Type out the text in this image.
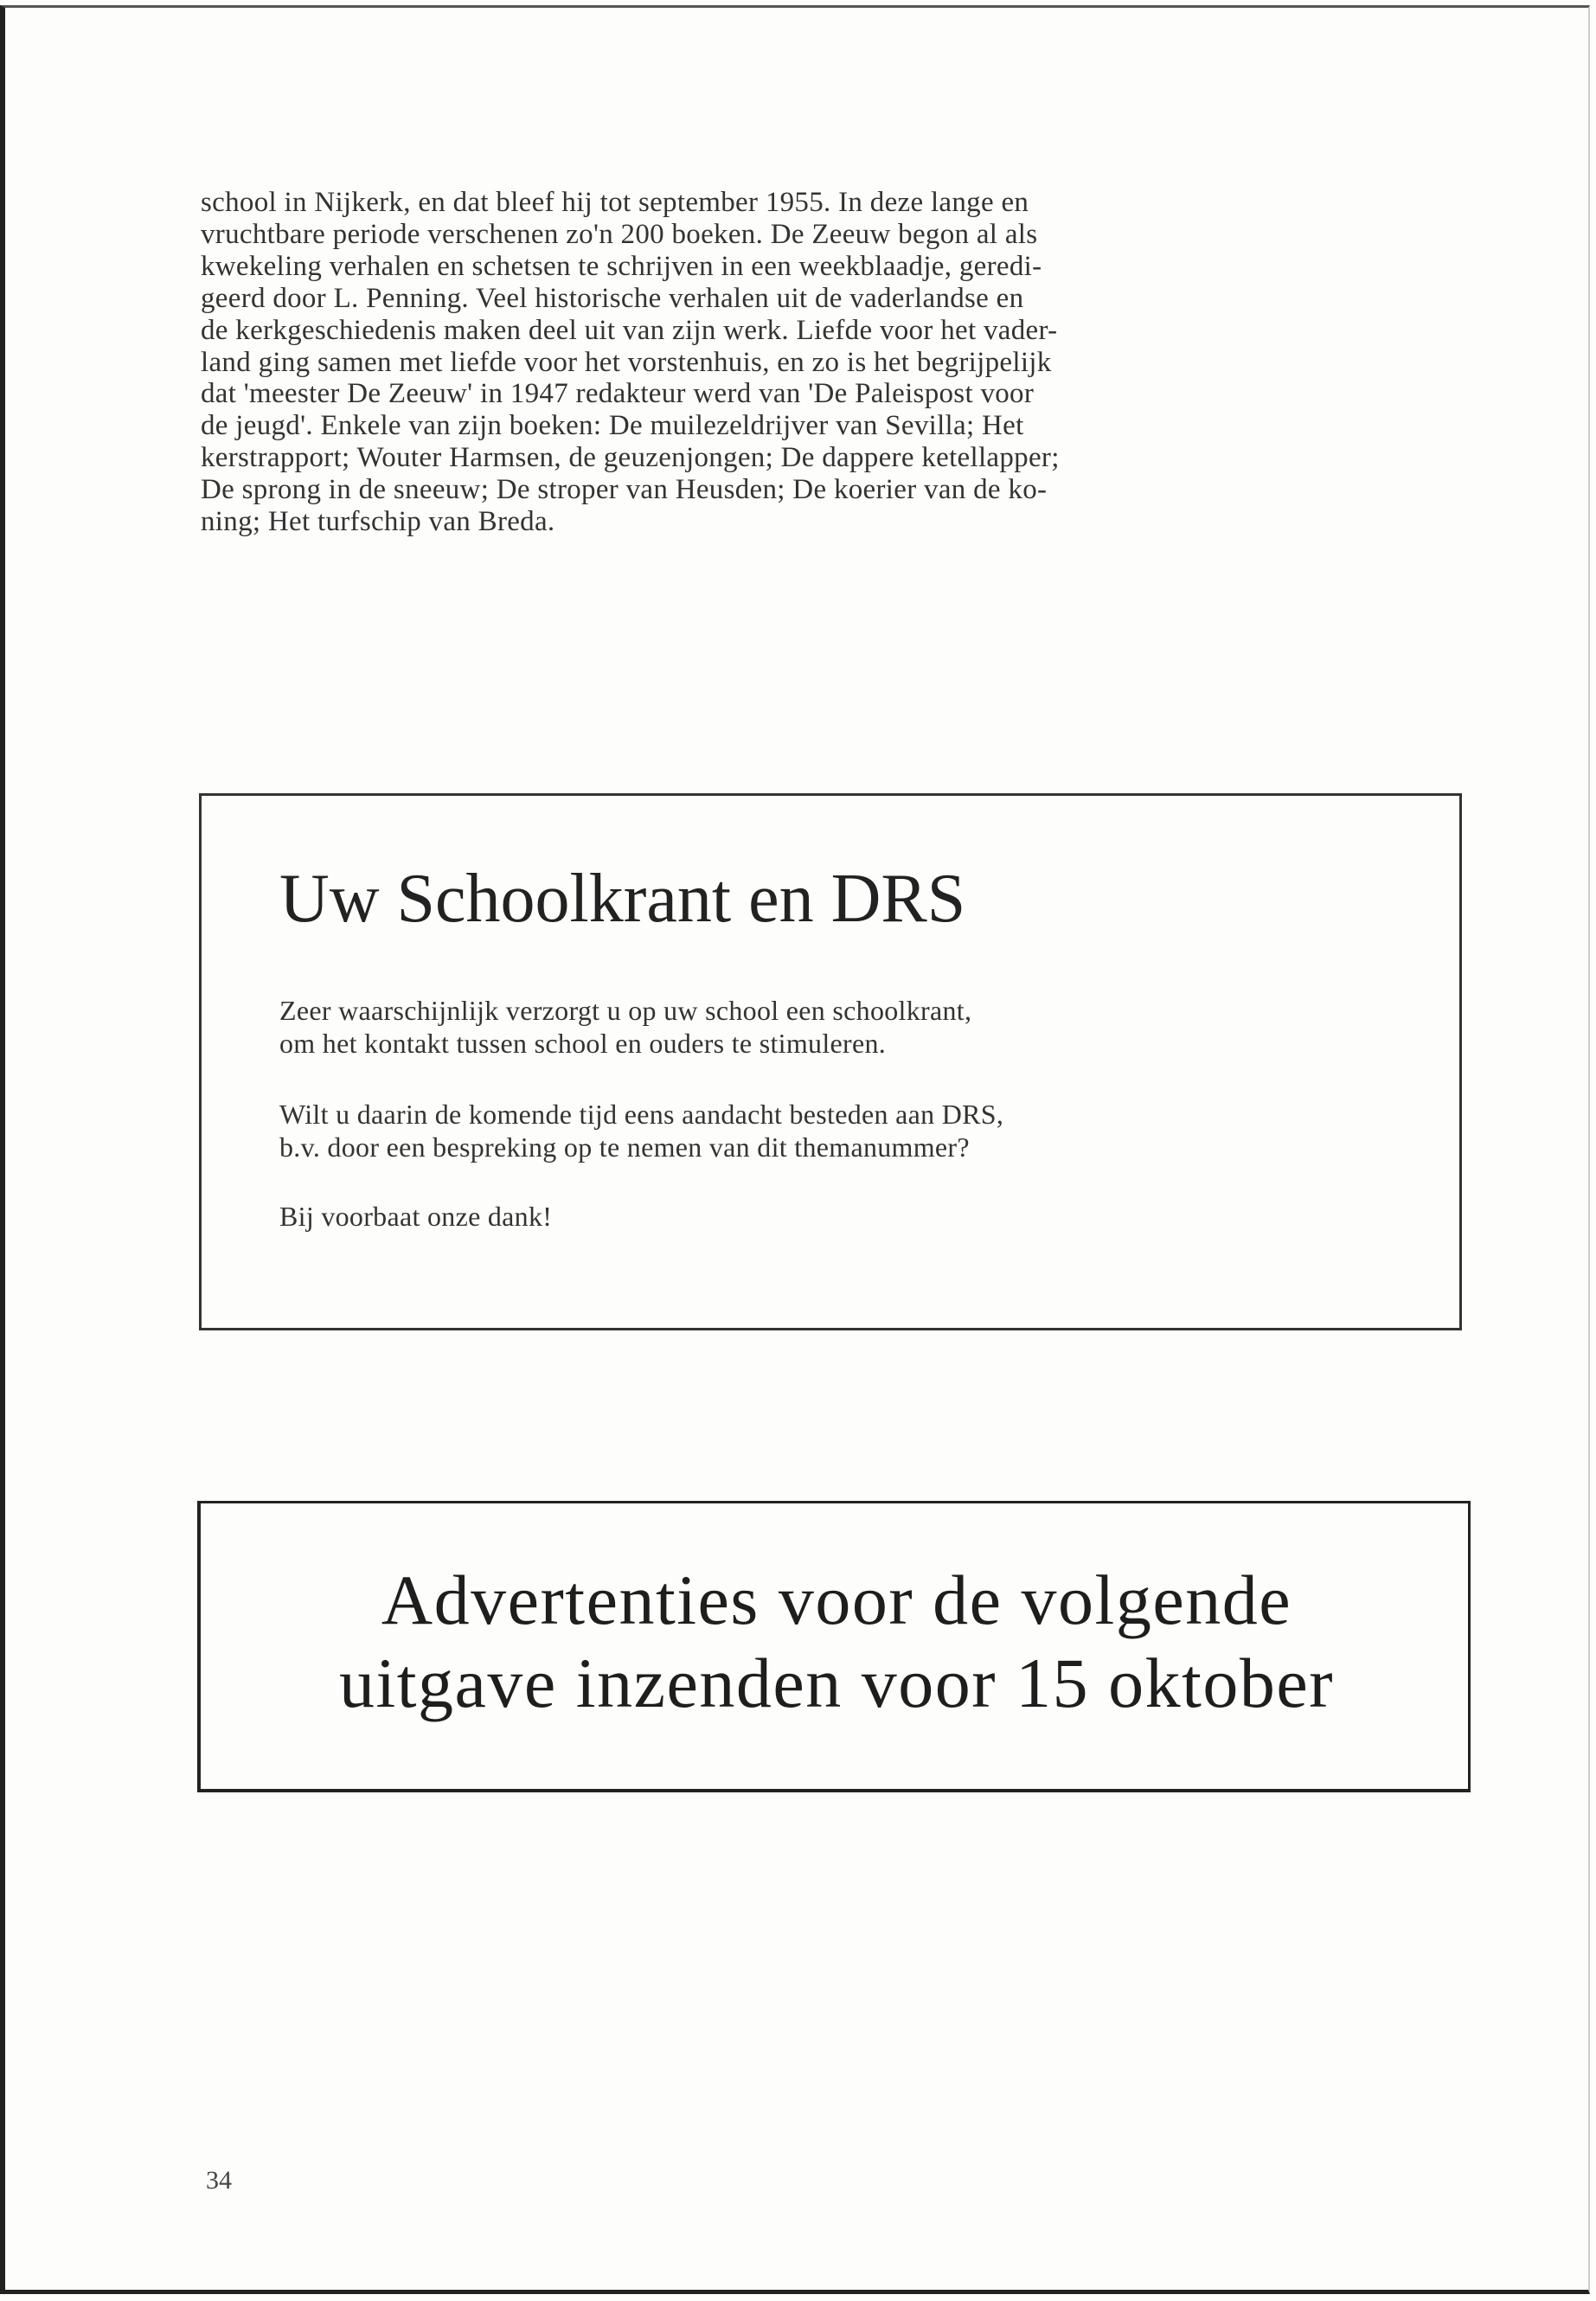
school in Nijkerk, en dat bleef hij tot september 1955. In deze lange en
vruchtbare periode verschenen zo'n 200 boeken. De Zeeuw begon al als
kwekeling verhalen en schetsen te schrijven in een weekblaadje, geredi-
geerd door L. Penning. Veel historische verhalen uit de vaderlandse en
de kerkgeschiedenis maken deel uit van zijn werk. Liefde voor het vader-
land ging samen met liefde voor het vorstenhuis, en zo is het begrijpelijk
dat 'meester De Zeeuw' in 1947 redakteur werd van 'De Paleispost voor
de jeugd'. Enkele van zijn boeken: De muilezeldrijver van Sevilla; Het
kerstrapport; Wouter Harmsen, de geuzenjongen; De dappere ketellapper;
De sprong in de sneeuw; De stroper van Heusden; De koerier van de ko-
ning; Het turfschip van Breda.
Uw Schoolkrant en DRS
Zeer waarschijnlijk verzorgt u op uw school een schoolkrant,
om het kontakt tussen school en ouders te stimuleren.
Wilt u daarin de komende tijd eens aandacht besteden aan DRS,
b.v. door een bespreking op te nemen van dit themanummer?
Bij voorbaat onze dank!
Advertenties voor de volgende
uitgave inzenden voor 15 oktober

34
